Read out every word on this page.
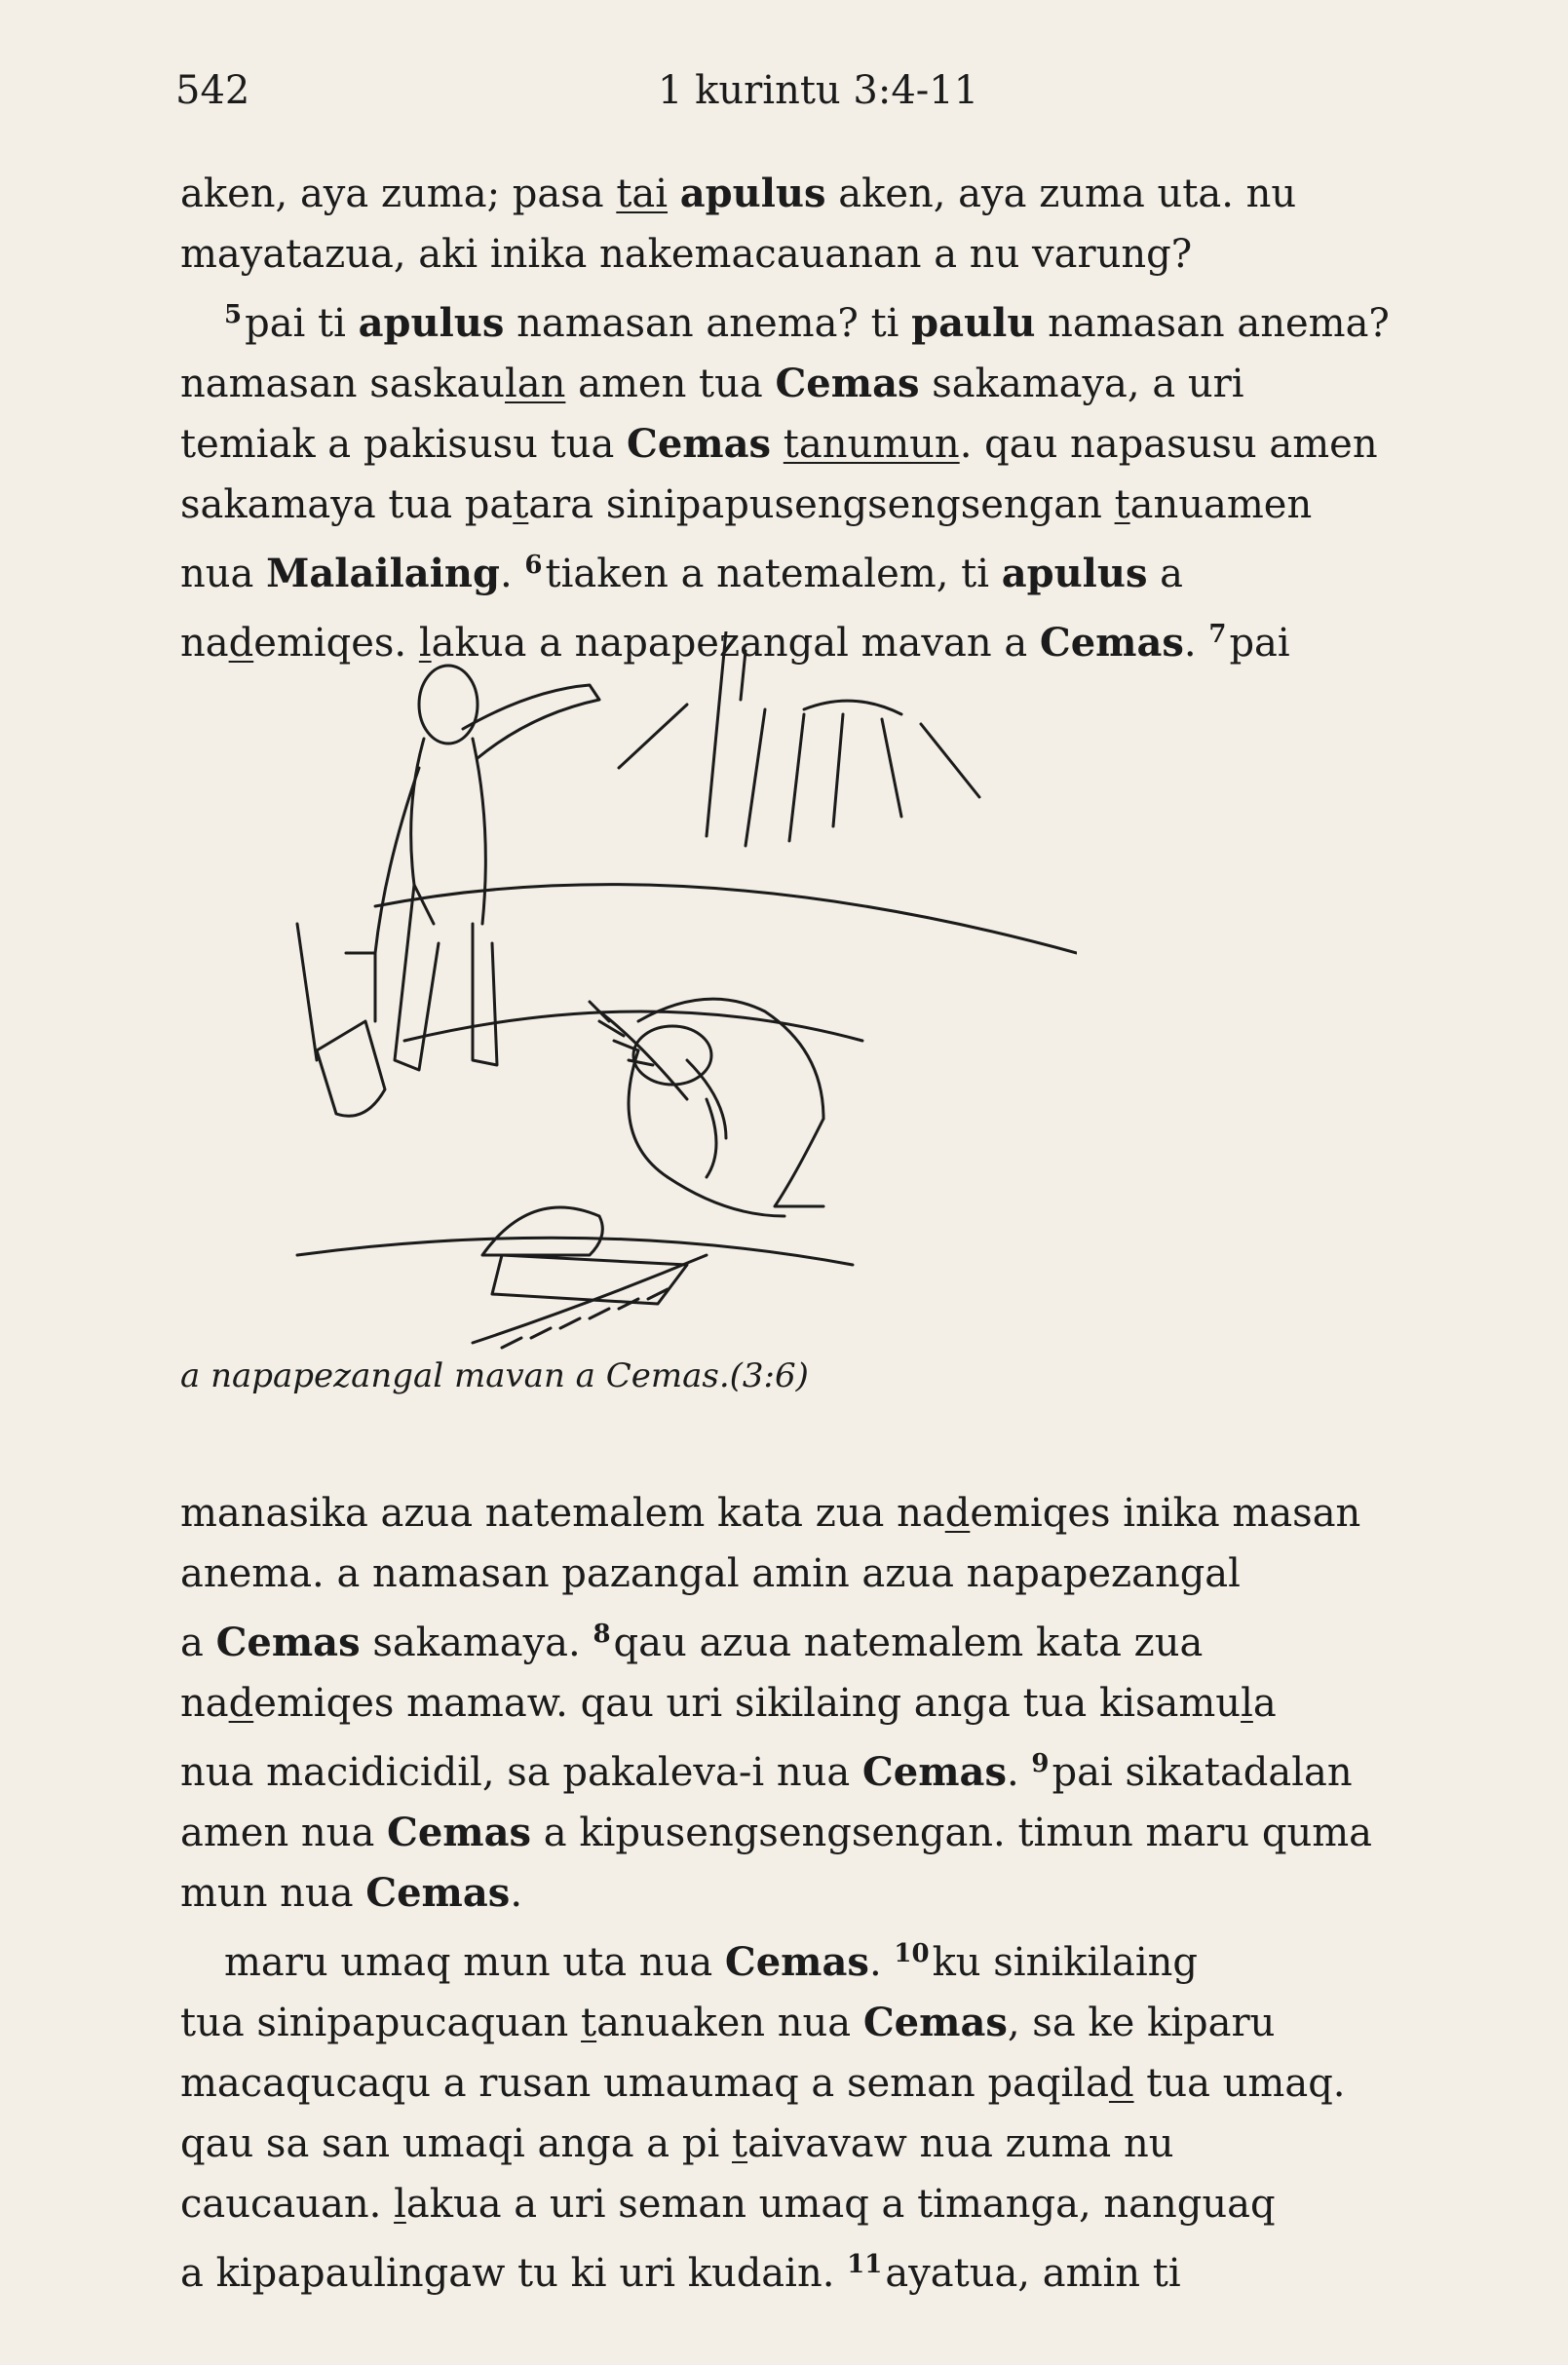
542	1 kurintu 3:4-11

aken, aya zuma; pasa tai apulus aken, aya zuma uta. nu

mayatazua, aki inika nakemacauanan a nu varung?

$^5$pai ti apulus namasan anema? ti paulu namasan anema?

namasan saskaulan amen tua Cemas sakamaya, a uri

temiak a pakisusu tua Cemas tanumun. qau napasusu amen

sakamaya tua patara sinipapusengsengsengan tanuamen

nua Malailaing. $^6$tiaken a natemalem, ti apulus a

nademiqes. lakua a napapezangal mavan a Cemas. $^7$pai

a napapezangal mavan a Cemas.(3:6)

manasika azua natemalem kata zua nademiqes inika masan

anema. a namasan pazangal amin azua napapezangal

a Cemas sakamaya. $^8$qau azua natemalem kata zua

nademiqes mamaw. qau uri sikilaing anga tua kisamula

nua macidicidil, sa pakaleva-i nua Cemas. $^9$pai sikatadalan

amen nua Cemas a kipusengsengsengan. timun maru quma

mun nua Cemas.

maru umaq mun uta nua Cemas. $^{10}$ku sinikilaing

tua sinipapucaquan tanuaken nua Cemas, sa ke kiparu

macaqucaqu a rusan umaumaq a seman paqilad tua umaq.

qau sa san umaqi anga a pi taivavaw nua zuma nu

caucauan. lakua a uri seman umaq a timanga, nanguaq

a kipapaulingaw tu ki uri kudain. $^{11}$ayatua, amin ti
